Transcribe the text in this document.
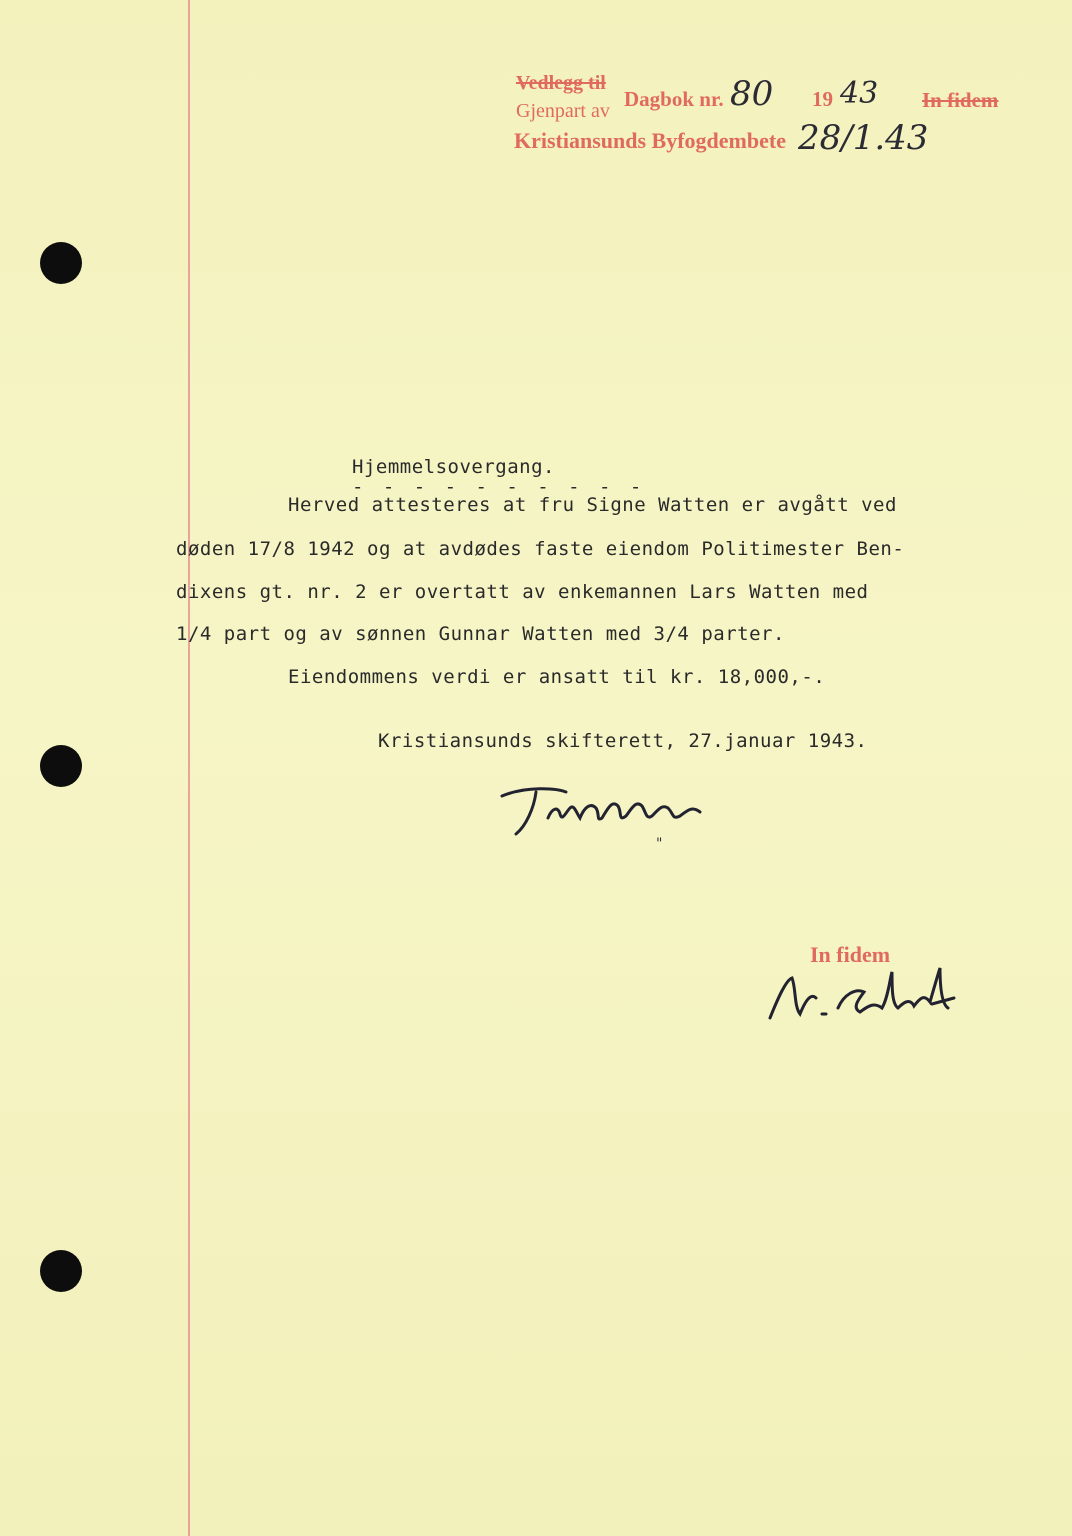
Vedlegg til
Gjenpart av Dagbok nr. 80 19 43 In fidem
Kristiansunds Byfogdembete 28/1.43
Hjemmelsovergang.
- - - - - - - - - -
Herved attesteres at fru Signe Watten er avgått ved
døden 17/8 1942 og at avdødes faste eiendom Politimester Ben-
dixens gt. nr. 2 er overtatt av enkemannen Lars Watten med
1/4 part og av sønnen Gunnar Watten med 3/4 parter.
Eiendommens verdi er ansatt til kr. 18,000,-.
Kristiansunds skifterett, 27.januar 1943.
"
In fidem
